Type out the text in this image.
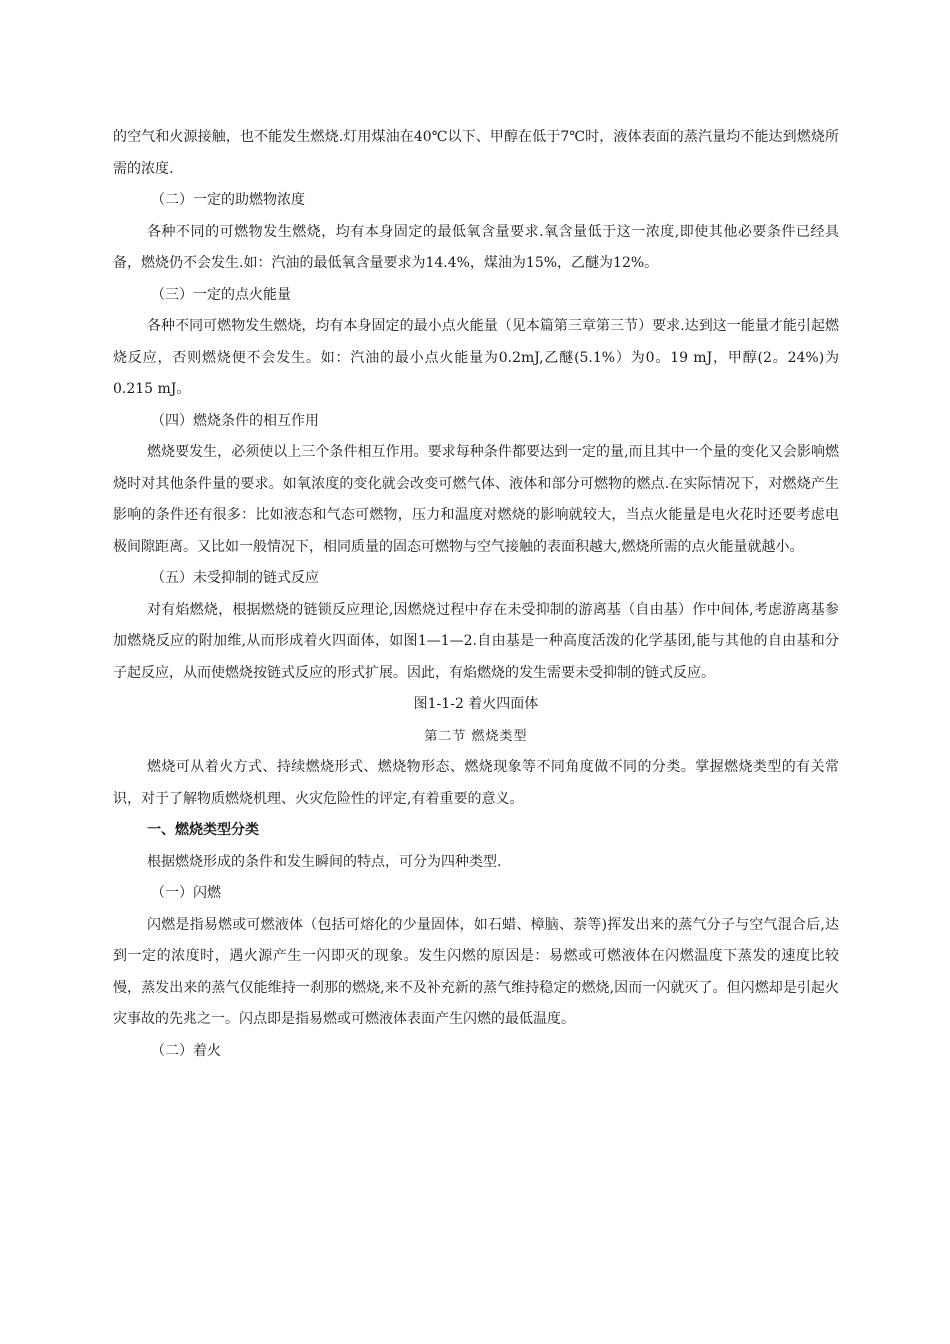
的空气和火源接触，也不能发生燃烧.灯用煤油在40℃以下、甲醇在低于7℃时，液体表面的蒸汽量均不能达到燃烧所需的浓度.

（二）一定的助燃物浓度

各种不同的可燃物发生燃烧，均有本身固定的最低氧含量要求.氧含量低于这一浓度,即使其他必要条件已经具备，燃烧仍不会发生.如：汽油的最低氧含量要求为14.4%，煤油为15%，乙醚为12%。

（三）一定的点火能量

各种不同可燃物发生燃烧，均有本身固定的最小点火能量（见本篇第三章第三节）要求.达到这一能量才能引起燃烧反应，否则燃烧便不会发生。如：汽油的最小点火能量为0.2mJ,乙醚(5.1%）为0。19 mJ，甲醇(2。24%)为0.215 mJ。

（四）燃烧条件的相互作用

燃烧要发生，必须使以上三个条件相互作用。要求每种条件都要达到一定的量,而且其中一个量的变化又会影响燃烧时对其他条件量的要求。如氧浓度的变化就会改变可燃气体、液体和部分可燃物的燃点.在实际情况下，对燃烧产生影响的条件还有很多：比如液态和气态可燃物，压力和温度对燃烧的影响就较大，当点火能量是电火花时还要考虑电极间隙距离。又比如一般情况下，相同质量的固态可燃物与空气接触的表面积越大,燃烧所需的点火能量就越小。

（五）未受抑制的链式反应

对有焰燃烧，根据燃烧的链锁反应理论,因燃烧过程中存在未受抑制的游离基（自由基）作中间体,考虑游离基参加燃烧反应的附加维,从而形成着火四面体，如图1—1—2.自由基是一种高度活泼的化学基团,能与其他的自由基和分子起反应，从而使燃烧按链式反应的形式扩展。因此，有焰燃烧的发生需要未受抑制的链式反应。

图1-1-2 着火四面体

第二节 燃烧类型

燃烧可从着火方式、持续燃烧形式、燃烧物形态、燃烧现象等不同角度做不同的分类。掌握燃烧类型的有关常识，对于了解物质燃烧机理、火灾危险性的评定,有着重要的意义。

一、燃烧类型分类

根据燃烧形成的条件和发生瞬间的特点，可分为四种类型.

（一）闪燃

闪燃是指易燃或可燃液体（包括可熔化的少量固体，如石蜡、樟脑、萘等)挥发出来的蒸气分子与空气混合后,达到一定的浓度时，遇火源产生一闪即灭的现象。发生闪燃的原因是：易燃或可燃液体在闪燃温度下蒸发的速度比较慢，蒸发出来的蒸气仅能维持一刹那的燃烧,来不及补充新的蒸气维持稳定的燃烧,因而一闪就灭了。但闪燃却是引起火灾事故的先兆之一。闪点即是指易燃或可燃液体表面产生闪燃的最低温度。

（二）着火
